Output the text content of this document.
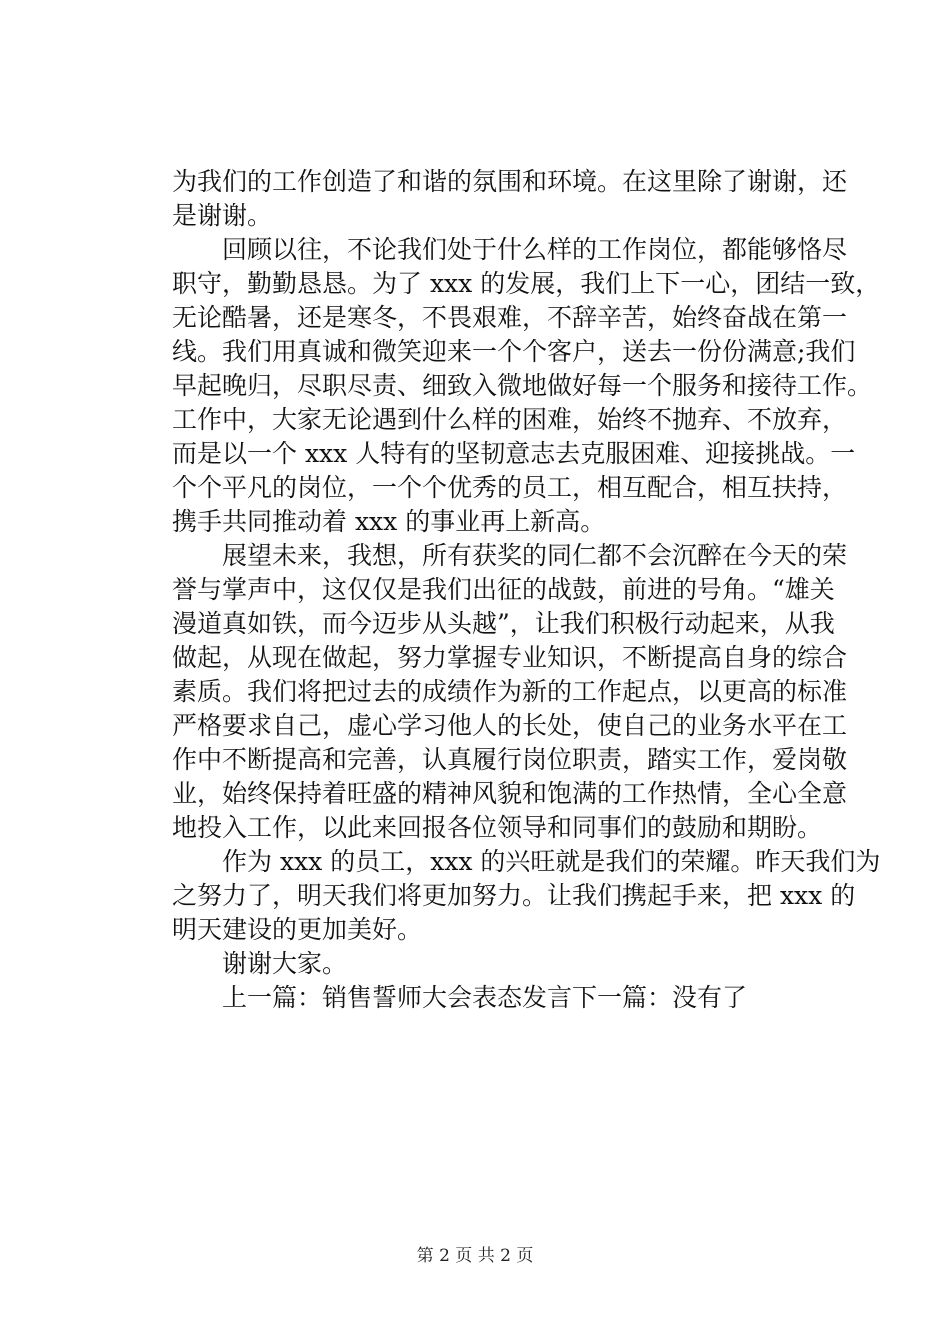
为我们的工作创造了和谐的氛围和环境。在这里除了谢谢，还
是谢谢。
　　回顾以往，不论我们处于什么样的工作岗位，都能够恪尽
职守，勤勤恳恳。为了 xxx 的发展，我们上下一心，团结一致，
无论酷暑，还是寒冬，不畏艰难，不辞辛苦，始终奋战在第一
线。我们用真诚和微笑迎来一个个客户，送去一份份满意;我们
早起晚归，尽职尽责、细致入微地做好每一个服务和接待工作。
工作中，大家无论遇到什么样的困难，始终不抛弃、不放弃，
而是以一个 xxx 人特有的坚韧意志去克服困难、迎接挑战。一
个个平凡的岗位，一个个优秀的员工，相互配合，相互扶持，
携手共同推动着 xxx 的事业再上新高。
　　展望未来，我想，所有获奖的同仁都不会沉醉在今天的荣
誉与掌声中，这仅仅是我们出征的战鼓，前进的号角。“雄关
漫道真如铁，而今迈步从头越”，让我们积极行动起来，从我
做起，从现在做起，努力掌握专业知识，不断提高自身的综合
素质。我们将把过去的成绩作为新的工作起点，以更高的标准
严格要求自己，虚心学习他人的长处，使自己的业务水平在工
作中不断提高和完善，认真履行岗位职责，踏实工作，爱岗敬
业，始终保持着旺盛的精神风貌和饱满的工作热情，全心全意
地投入工作，以此来回报各位领导和同事们的鼓励和期盼。
　　作为 xxx 的员工，xxx 的兴旺就是我们的荣耀。昨天我们为
之努力了，明天我们将更加努力。让我们携起手来，把 xxx 的
明天建设的更加美好。
　　谢谢大家。
　　上一篇：销售誓师大会表态发言下一篇：没有了
第 2 页 共 2 页
